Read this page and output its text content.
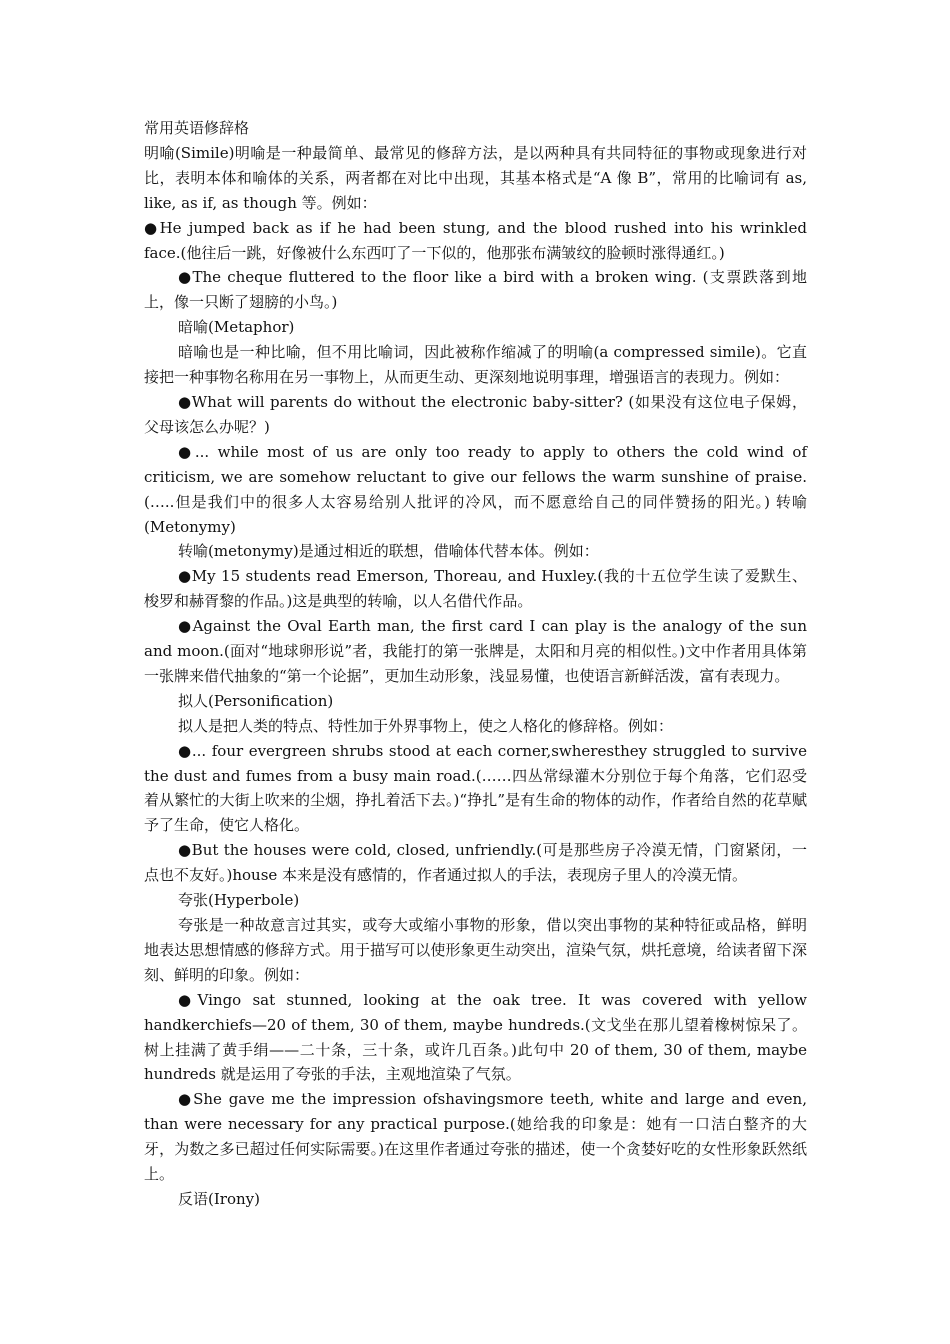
常用英语修辞格

明喻(Simile)明喻是一种最简单、最常见的修辞方法，是以两种具有共同特征的事物或现象进行对比，表明本体和喻体的关系，两者都在对比中出现，其基本格式是“A 像 B”，常用的比喻词有 as, like, as if, as though 等。例如：

●He jumped back as if he had been stung, and the blood rushed into his wrinkled face.(他往后一跳，好像被什么东西叮了一下似的，他那张布满皱纹的脸顿时涨得通红。)

●The cheque fluttered to the floor like a bird with a broken wing. (支票跌落到地上，像一只断了翅膀的小鸟。)

暗喻(Metaphor)

暗喻也是一种比喻，但不用比喻词，因此被称作缩减了的明喻(a compressed simile)。它直接把一种事物名称用在另一事物上，从而更生动、更深刻地说明事理，增强语言的表现力。例如：

●What will parents do without the electronic baby-sitter? (如果没有这位电子保姆，父母该怎么办呢？)

●... while most of us are only too ready to apply to others the cold wind of criticism, we are somehow reluctant to give our fellows the warm sunshine of praise.(…..但是我们中的很多人太容易给别人批评的冷风，而不愿意给自己的同伴赞扬的阳光。) 转喻(Metonymy)

转喻(metonymy)是通过相近的联想，借喻体代替本体。例如：

●My 15 students read Emerson, Thoreau, and Huxley.(我的十五位学生读了爱默生、梭罗和赫胥黎的作品。)这是典型的转喻，以人名借代作品。

●Against the Oval Earth man, the first card I can play is the analogy of the sun and moon.(面对“地球卵形说”者，我能打的第一张牌是，太阳和月亮的相似性。)文中作者用具体第一张牌来借代抽象的“第一个论据”，更加生动形象，浅显易懂，也使语言新鲜活泼，富有表现力。

拟人(Personification)

拟人是把人类的特点、特性加于外界事物上，使之人格化的修辞格。例如：

●... four evergreen shrubs stood at each corner,swheresthey struggled to survive the dust and fumes from a busy main road.(……四丛常绿灌木分别位于每个角落，它们忍受着从繁忙的大街上吹来的尘烟，挣扎着活下去。)“挣扎”是有生命的物体的动作，作者给自然的花草赋予了生命，使它人格化。

●But the houses were cold, closed, unfriendly.(可是那些房子冷漠无情，门窗紧闭，一点也不友好。)house 本来是没有感情的，作者通过拟人的手法，表现房子里人的冷漠无情。

夸张(Hyperbole)

夸张是一种故意言过其实，或夸大或缩小事物的形象，借以突出事物的某种特征或品格，鲜明地表达思想情感的修辞方式。用于描写可以使形象更生动突出，渲染气氛，烘托意境，给读者留下深刻、鲜明的印象。例如：

●Vingo sat stunned, looking at the oak tree. It was covered with yellow handkerchiefs—20 of them, 30 of them, maybe hundreds.(文戈坐在那儿望着橡树惊呆了。树上挂满了黄手绢——二十条，三十条，或许几百条。)此句中 20 of them, 30 of them, maybe hundreds 就是运用了夸张的手法，主观地渲染了气氛。

●She gave me the impression ofshavingsmore teeth, white and large and even, than were necessary for any practical purpose.(她给我的印象是：她有一口洁白整齐的大牙，为数之多已超过任何实际需要。)在这里作者通过夸张的描述，使一个贪婪好吃的女性形象跃然纸上。

反语(Irony)
